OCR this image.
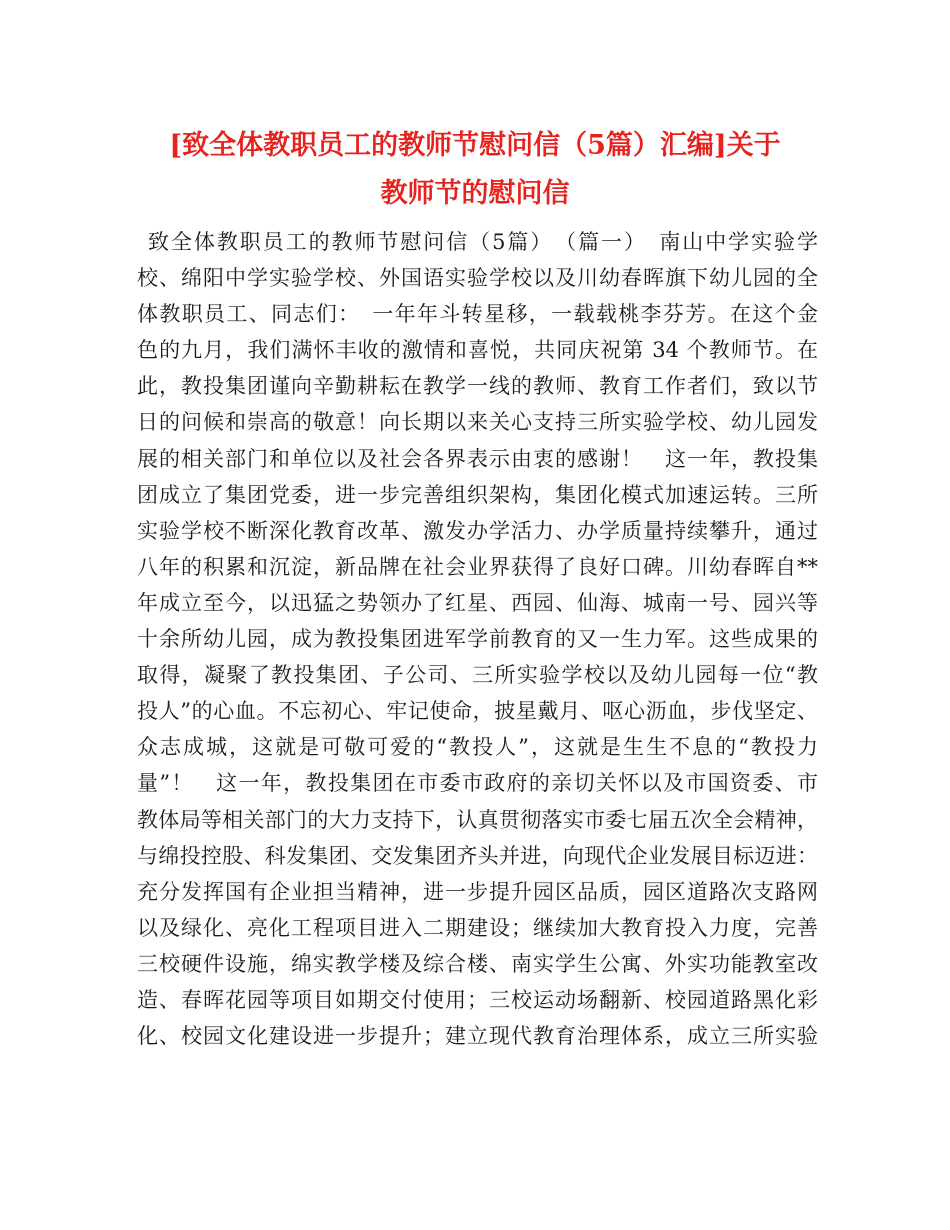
[致全体教职员工的教师节慰问信（5篇）汇编]关于
教师节的慰问信
致全体教职员工的教师节慰问信（5篇）　（篇一）　南山中学实验学
校、绵阳中学实验学校、外国语实验学校以及川幼春晖旗下幼儿园的全
体教职员工、同志们：　一年年斗转星移，一载载桃李芬芳。在这个金
色的九月，我们满怀丰收的激情和喜悦，共同庆祝第 34 个教师节。在
此，教投集团谨向辛勤耕耘在教学一线的教师、教育工作者们，致以节
日的问候和崇高的敬意！向长期以来关心支持三所实验学校、幼儿园发
展的相关部门和单位以及社会各界表示由衷的感谢！　这一年，教投集
团成立了集团党委，进一步完善组织架构，集团化模式加速运转。三所
实验学校不断深化教育改革、激发办学活力、办学质量持续攀升，通过
八年的积累和沉淀，新品牌在社会业界获得了良好口碑。川幼春晖自**
年成立至今，以迅猛之势领办了红星、西园、仙海、城南一号、园兴等
十余所幼儿园，成为教投集团进军学前教育的又一生力军。这些成果的
取得，凝聚了教投集团、子公司、三所实验学校以及幼儿园每一位“教
投人”的心血。不忘初心、牢记使命，披星戴月、呕心沥血，步伐坚定、
众志成城，这就是可敬可爱的“教投人”，这就是生生不息的“教投力
量”！　这一年，教投集团在市委市政府的亲切关怀以及市国资委、市
教体局等相关部门的大力支持下，认真贯彻落实市委七届五次全会精神，
与绵投控股、科发集团、交发集团齐头并进，向现代企业发展目标迈进：
充分发挥国有企业担当精神，进一步提升园区品质，园区道路次支路网
以及绿化、亮化工程项目进入二期建设；继续加大教育投入力度，完善
三校硬件设施，绵实教学楼及综合楼、南实学生公寓、外实功能教室改
造、春晖花园等项目如期交付使用；三校运动场翻新、校园道路黑化彩
化、校园文化建设进一步提升；建立现代教育治理体系，成立三所实验
